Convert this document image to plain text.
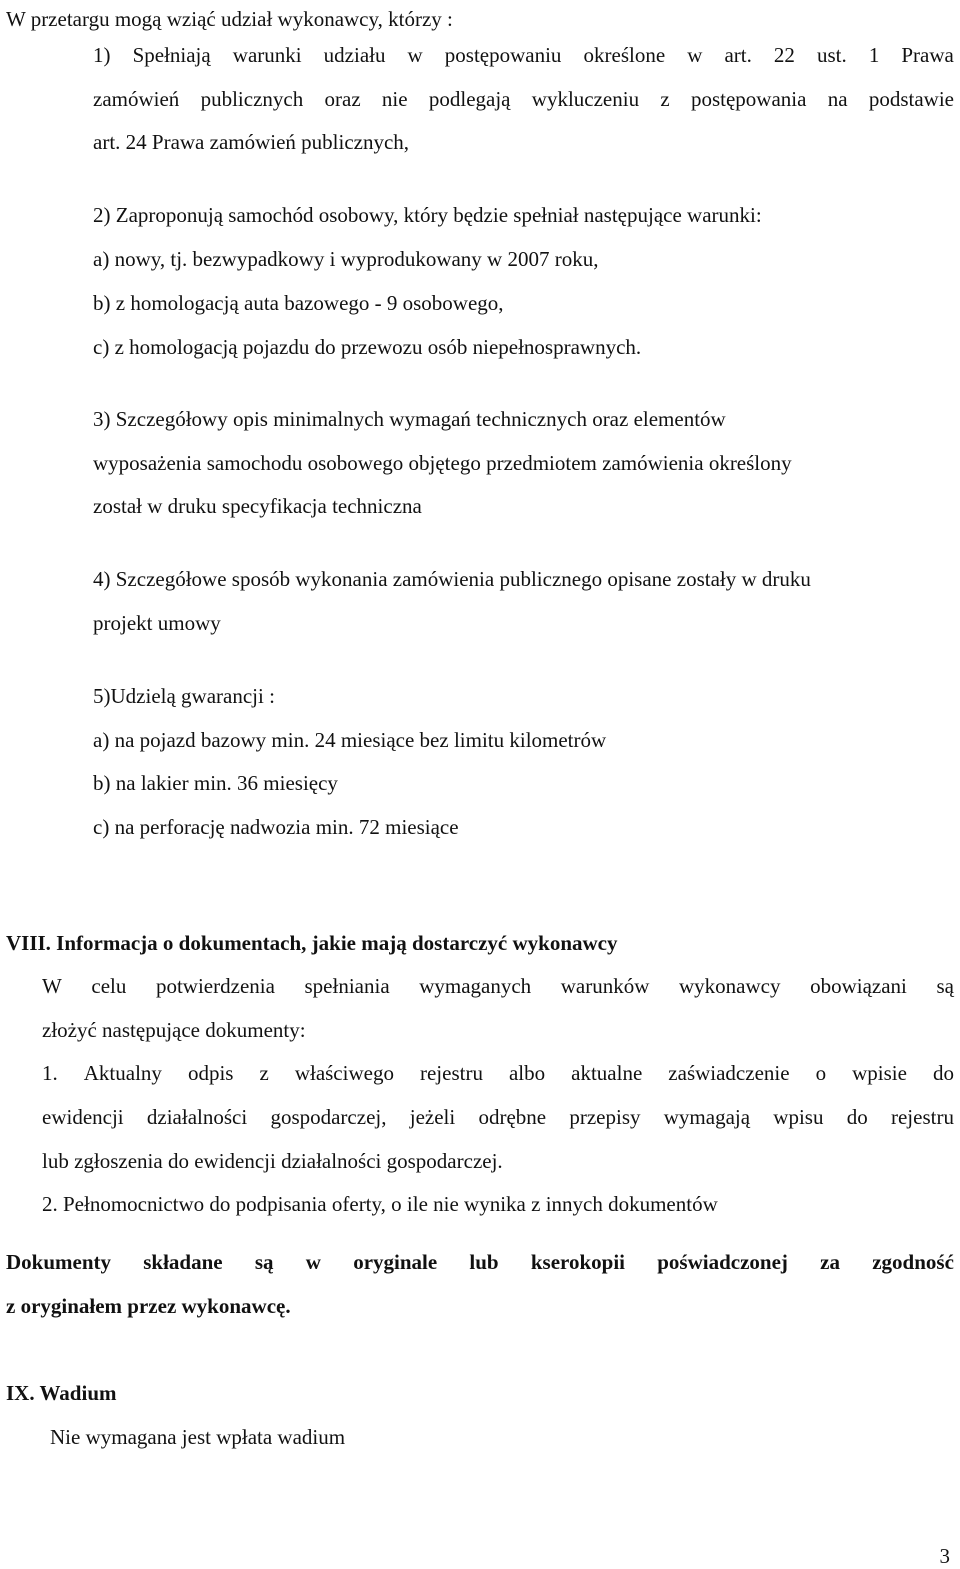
W przetargu mogą wziąć udział wykonawcy, którzy :
1) Spełniają warunki udziału w postępowaniu określone w art. 22 ust. 1 Prawa
zamówień publicznych oraz nie podlegają wykluczeniu z postępowania na podstawie
art. 24 Prawa zamówień publicznych,
2) Zaproponują samochód osobowy, który będzie spełniał następujące warunki:
a) nowy, tj. bezwypadkowy i wyprodukowany w 2007 roku,
b) z homologacją auta bazowego - 9 osobowego,
c) z homologacją pojazdu do przewozu osób niepełnosprawnych.
3) Szczegółowy opis minimalnych wymagań technicznych oraz elementów
wyposażenia samochodu osobowego objętego przedmiotem zamówienia określony
został w druku specyfikacja techniczna
4) Szczegółowe sposób wykonania zamówienia publicznego opisane zostały w druku
projekt umowy
5)Udzielą gwarancji :
a) na pojazd bazowy min. 24 miesiące bez limitu kilometrów
b) na lakier min. 36 miesięcy
c) na perforację nadwozia min. 72 miesiące
VIII. Informacja o dokumentach, jakie mają dostarczyć wykonawcy
W celu potwierdzenia spełniania wymaganych warunków wykonawcy obowiązani są
złożyć następujące dokumenty:
1. Aktualny odpis z właściwego rejestru albo aktualne zaświadczenie o wpisie do
ewidencji działalności gospodarczej, jeżeli odrębne przepisy wymagają wpisu do rejestru
lub zgłoszenia do ewidencji działalności gospodarczej.
2. Pełnomocnictwo do podpisania oferty, o ile nie wynika z innych dokumentów
Dokumenty składane są w oryginale lub kserokopii poświadczonej za zgodność
z oryginałem przez wykonawcę.
IX. Wadium
Nie wymagana jest wpłata wadium
3
